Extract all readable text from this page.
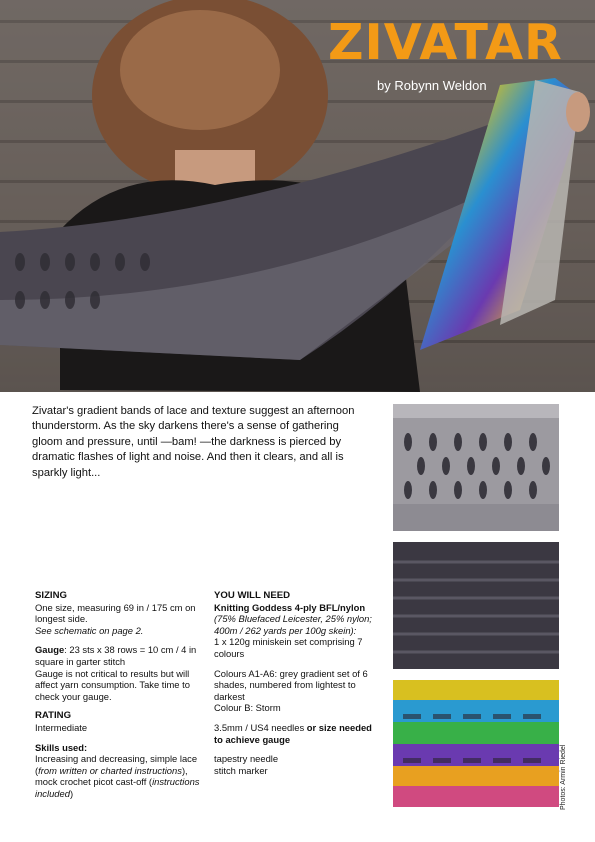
ZIVATAR
by Robynn Weldon

Zivatar's gradient bands of lace and texture suggest an afternoon thunderstorm. As the sky darkens there's a sense of gathering gloom and pressure, until —bam! —the darkness is pierced by dramatic flashes of light and noise. And then it clears, and all is sparkly light...

Photos: Armin Riedel

SIZING

One size, measuring 69 in / 175 cm on longest side.

See schematic on page 2.

Gauge: 23 sts x 38 rows = 10 cm / 4 in square in garter stitch

Gauge is not critical to results but will affect yarn consumption. Take time to check your gauge.

RATING

Intermediate

Skills used:

Increasing and decreasing, simple lace (from written or charted instructions), mock crochet picot cast-off (instructions included)

YOU WILL NEED

Knitting Goddess 4-ply BFL/nylon

(75% Bluefaced Leicester, 25% nylon; 400m / 262 yards per 100g skein):

1 x 120g miniskein set comprising 7 colours

Colours A1-A6: grey gradient set of 6 shades, numbered from lightest to darkest

Colour B: Storm

3.5mm / US4 needles or size needed to achieve gauge

tapestry needle

stitch marker
